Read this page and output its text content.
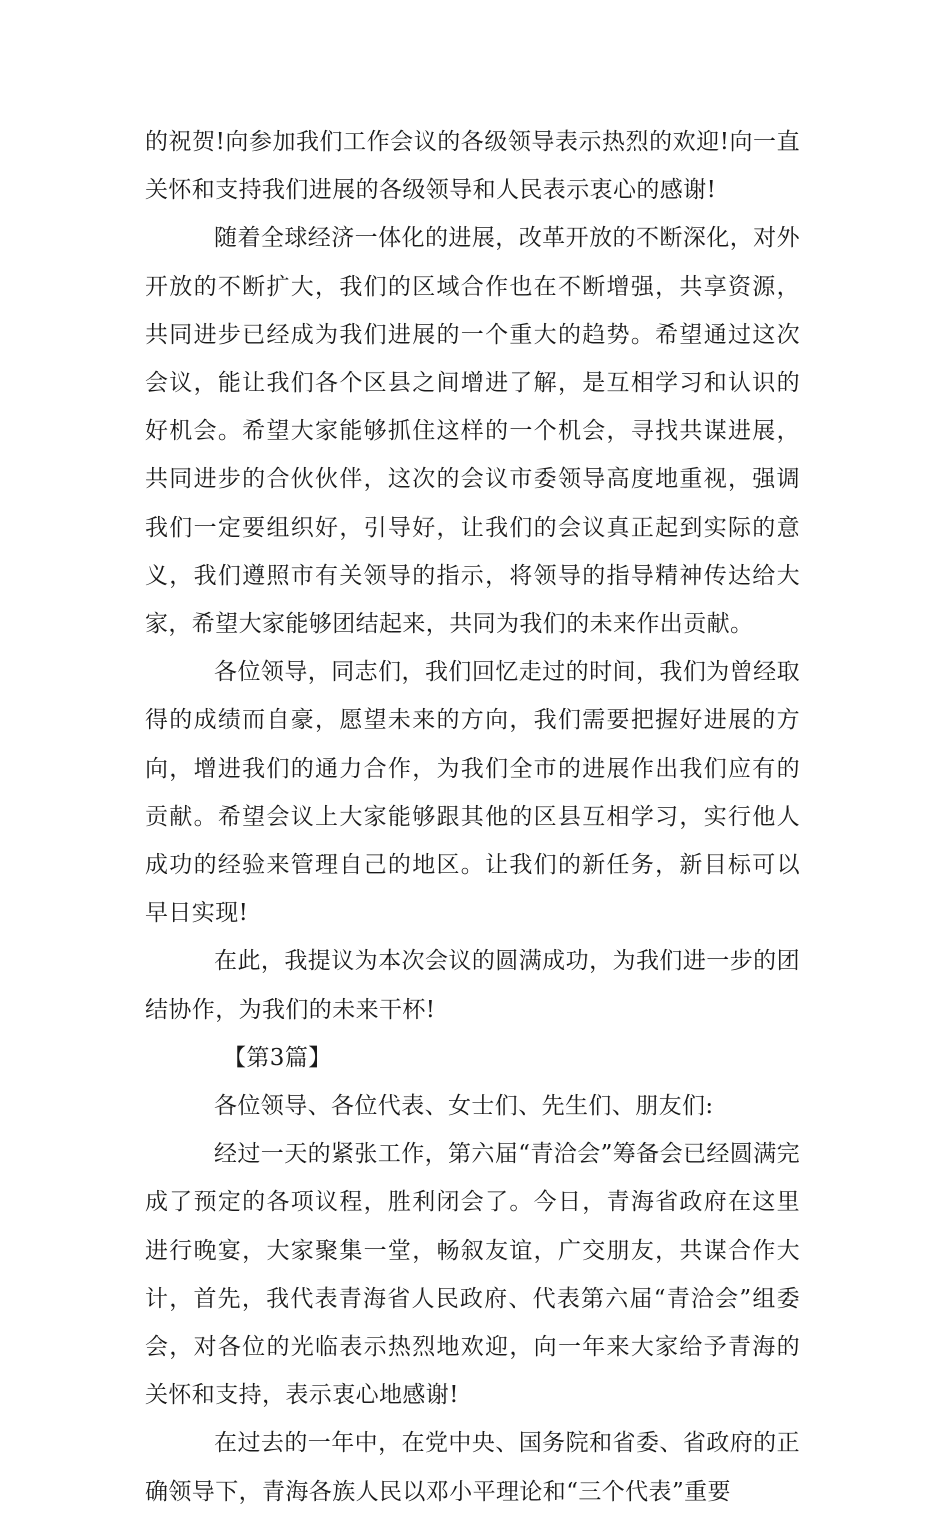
的祝贺!向参加我们工作会议的各级领导表示热烈的欢迎!向一直关怀和支持我们进展的各级领导和人民表示衷心的感谢!

随着全球经济一体化的进展，改革开放的不断深化，对外开放的不断扩大，我们的区域合作也在不断增强，共享资源，共同进步已经成为我们进展的一个重大的趋势。希望通过这次会议，能让我们各个区县之间增进了解，是互相学习和认识的好机会。希望大家能够抓住这样的一个机会，寻找共谋进展，共同进步的合伙伙伴，这次的会议市委领导高度地重视，强调我们一定要组织好，引导好，让我们的会议真正起到实际的意义，我们遵照市有关领导的指示，将领导的指导精神传达给大家，希望大家能够团结起来，共同为我们的未来作出贡献。

各位领导，同志们，我们回忆走过的时间，我们为曾经取得的成绩而自豪，愿望未来的方向，我们需要把握好进展的方向，增进我们的通力合作，为我们全市的进展作出我们应有的贡献。希望会议上大家能够跟其他的区县互相学习，实行他人成功的经验来管理自己的地区。让我们的新任务，新目标可以早日实现!

在此，我提议为本次会议的圆满成功，为我们进一步的团结协作，为我们的未来干杯!

【第3篇】

各位领导、各位代表、女士们、先生们、朋友们:

经过一天的紧张工作，第六届“青洽会”筹备会已经圆满完成了预定的各项议程，胜利闭会了。今日，青海省政府在这里进行晚宴，大家聚集一堂，畅叙友谊，广交朋友，共谋合作大计，首先，我代表青海省人民政府、代表第六届“青洽会”组委会，对各位的光临表示热烈地欢迎，向一年来大家给予青海的关怀和支持，表示衷心地感谢!

在过去的一年中，在党中央、国务院和省委、省政府的正确领导下，青海各族人民以邓小平理论和“三个代表”重要
